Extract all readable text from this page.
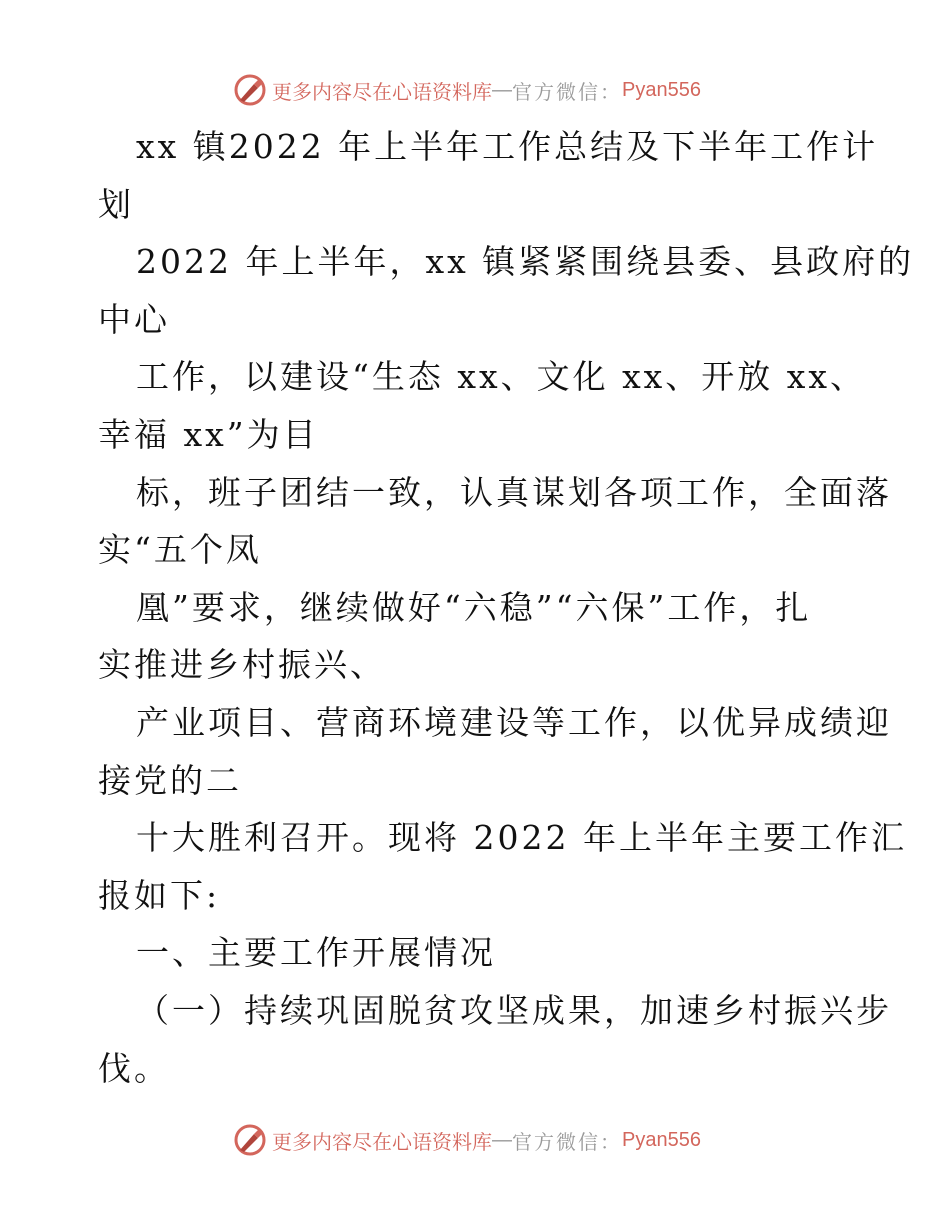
更多内容尽在心语资料库 — 官方微信： Pyan556
xx 镇2022 年上半年工作总结及下半年工作计
划
2022 年上半年，xx 镇紧紧围绕县委、县政府的
中心
工作，以建设“生态 xx、文化 xx、开放 xx、
幸福 xx”为目
标，班子团结一致，认真谋划各项工作，全面落
实“五个凤
凰”要求，继续做好“六稳”“六保”工作，扎
实推进乡村振兴、
产业项目、营商环境建设等工作，以优异成绩迎
接党的二
十大胜利召开。现将 2022 年上半年主要工作汇
报如下:
一、主要工作开展情况
（一）持续巩固脱贫攻坚成果，加速乡村振兴步
伐。
更多内容尽在心语资料库 — 官方微信： Pyan556
